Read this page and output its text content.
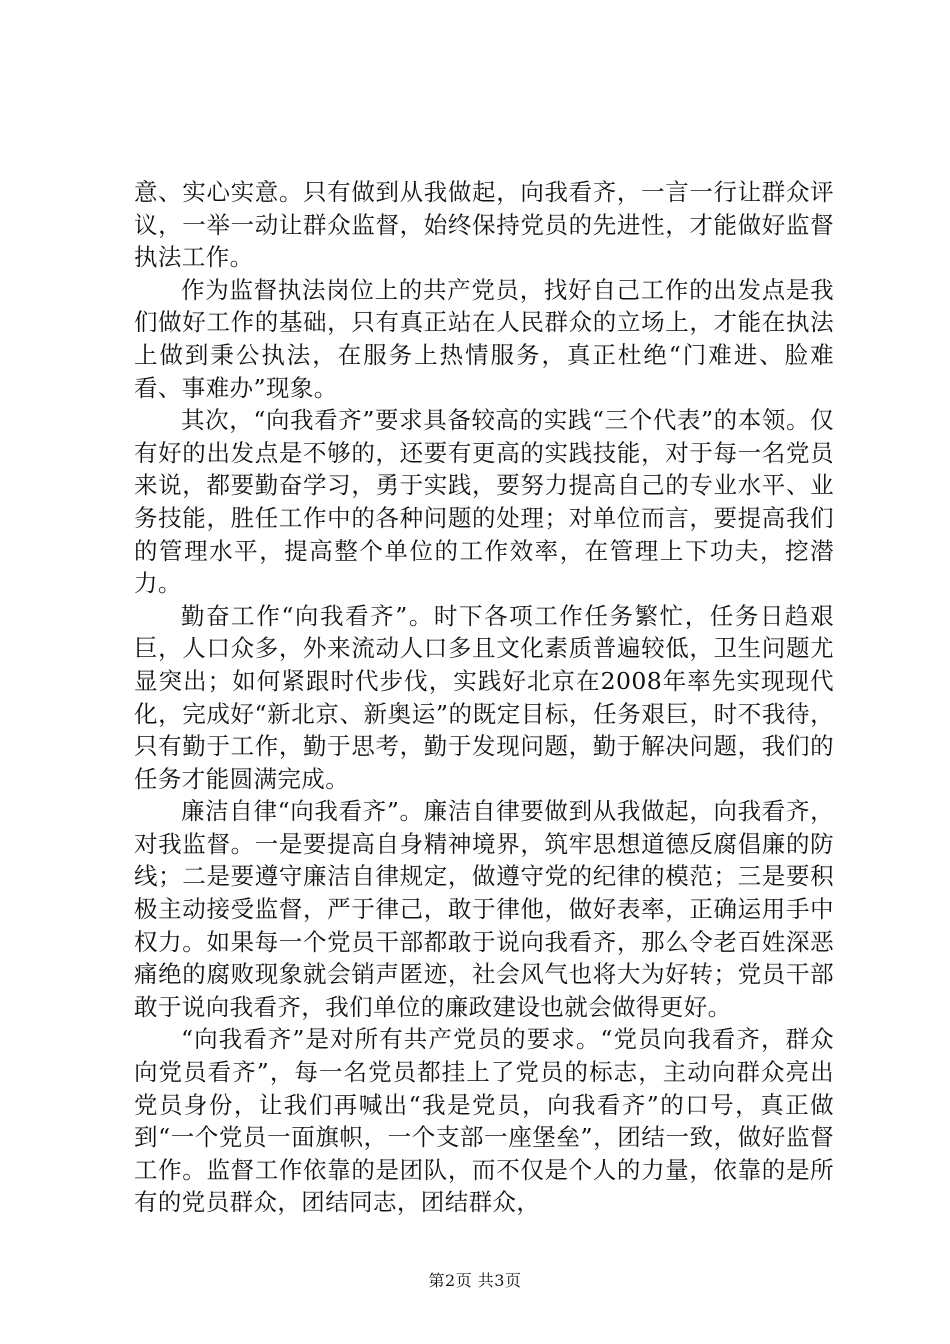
意、实心实意。只有做到从我做起，向我看齐，一言一行让群众评议，一举一动让群众监督，始终保持党员的先进性，才能做好监督执法工作。

作为监督执法岗位上的共产党员，找好自己工作的出发点是我们做好工作的基础，只有真正站在人民群众的立场上，才能在执法上做到秉公执法，在服务上热情服务，真正杜绝“门难进、脸难看、事难办”现象。

其次，“向我看齐”要求具备较高的实践“三个代表”的本领。仅有好的出发点是不够的，还要有更高的实践技能，对于每一名党员来说，都要勤奋学习，勇于实践，要努力提高自己的专业水平、业务技能，胜任工作中的各种问题的处理；对单位而言，要提高我们的管理水平，提高整个单位的工作效率，在管理上下功夫，挖潜力。

勤奋工作“向我看齐”。时下各项工作任务繁忙，任务日趋艰巨，人口众多，外来流动人口多且文化素质普遍较低，卫生问题尤显突出；如何紧跟时代步伐，实践好北京在2008年率先实现现代化，完成好“新北京、新奥运”的既定目标，任务艰巨，时不我待，只有勤于工作，勤于思考，勤于发现问题，勤于解决问题，我们的任务才能圆满完成。

廉洁自律“向我看齐”。廉洁自律要做到从我做起，向我看齐，对我监督。一是要提高自身精神境界，筑牢思想道德反腐倡廉的防线；二是要遵守廉洁自律规定，做遵守党的纪律的模范；三是要积极主动接受监督，严于律己，敢于律他，做好表率，正确运用手中权力。如果每一个党员干部都敢于说向我看齐，那么令老百姓深恶痛绝的腐败现象就会销声匿迹，社会风气也将大为好转；党员干部敢于说向我看齐，我们单位的廉政建设也就会做得更好。

“向我看齐”是对所有共产党员的要求。“党员向我看齐，群众向党员看齐”，每一名党员都挂上了党员的标志，主动向群众亮出党员身份，让我们再喊出“我是党员，向我看齐”的口号，真正做到“一个党员一面旗帜，一个支部一座堡垒”，团结一致，做好监督工作。监督工作依靠的是团队，而不仅是个人的力量，依靠的是所有的党员群众，团结同志，团结群众，

第2页 共3页
